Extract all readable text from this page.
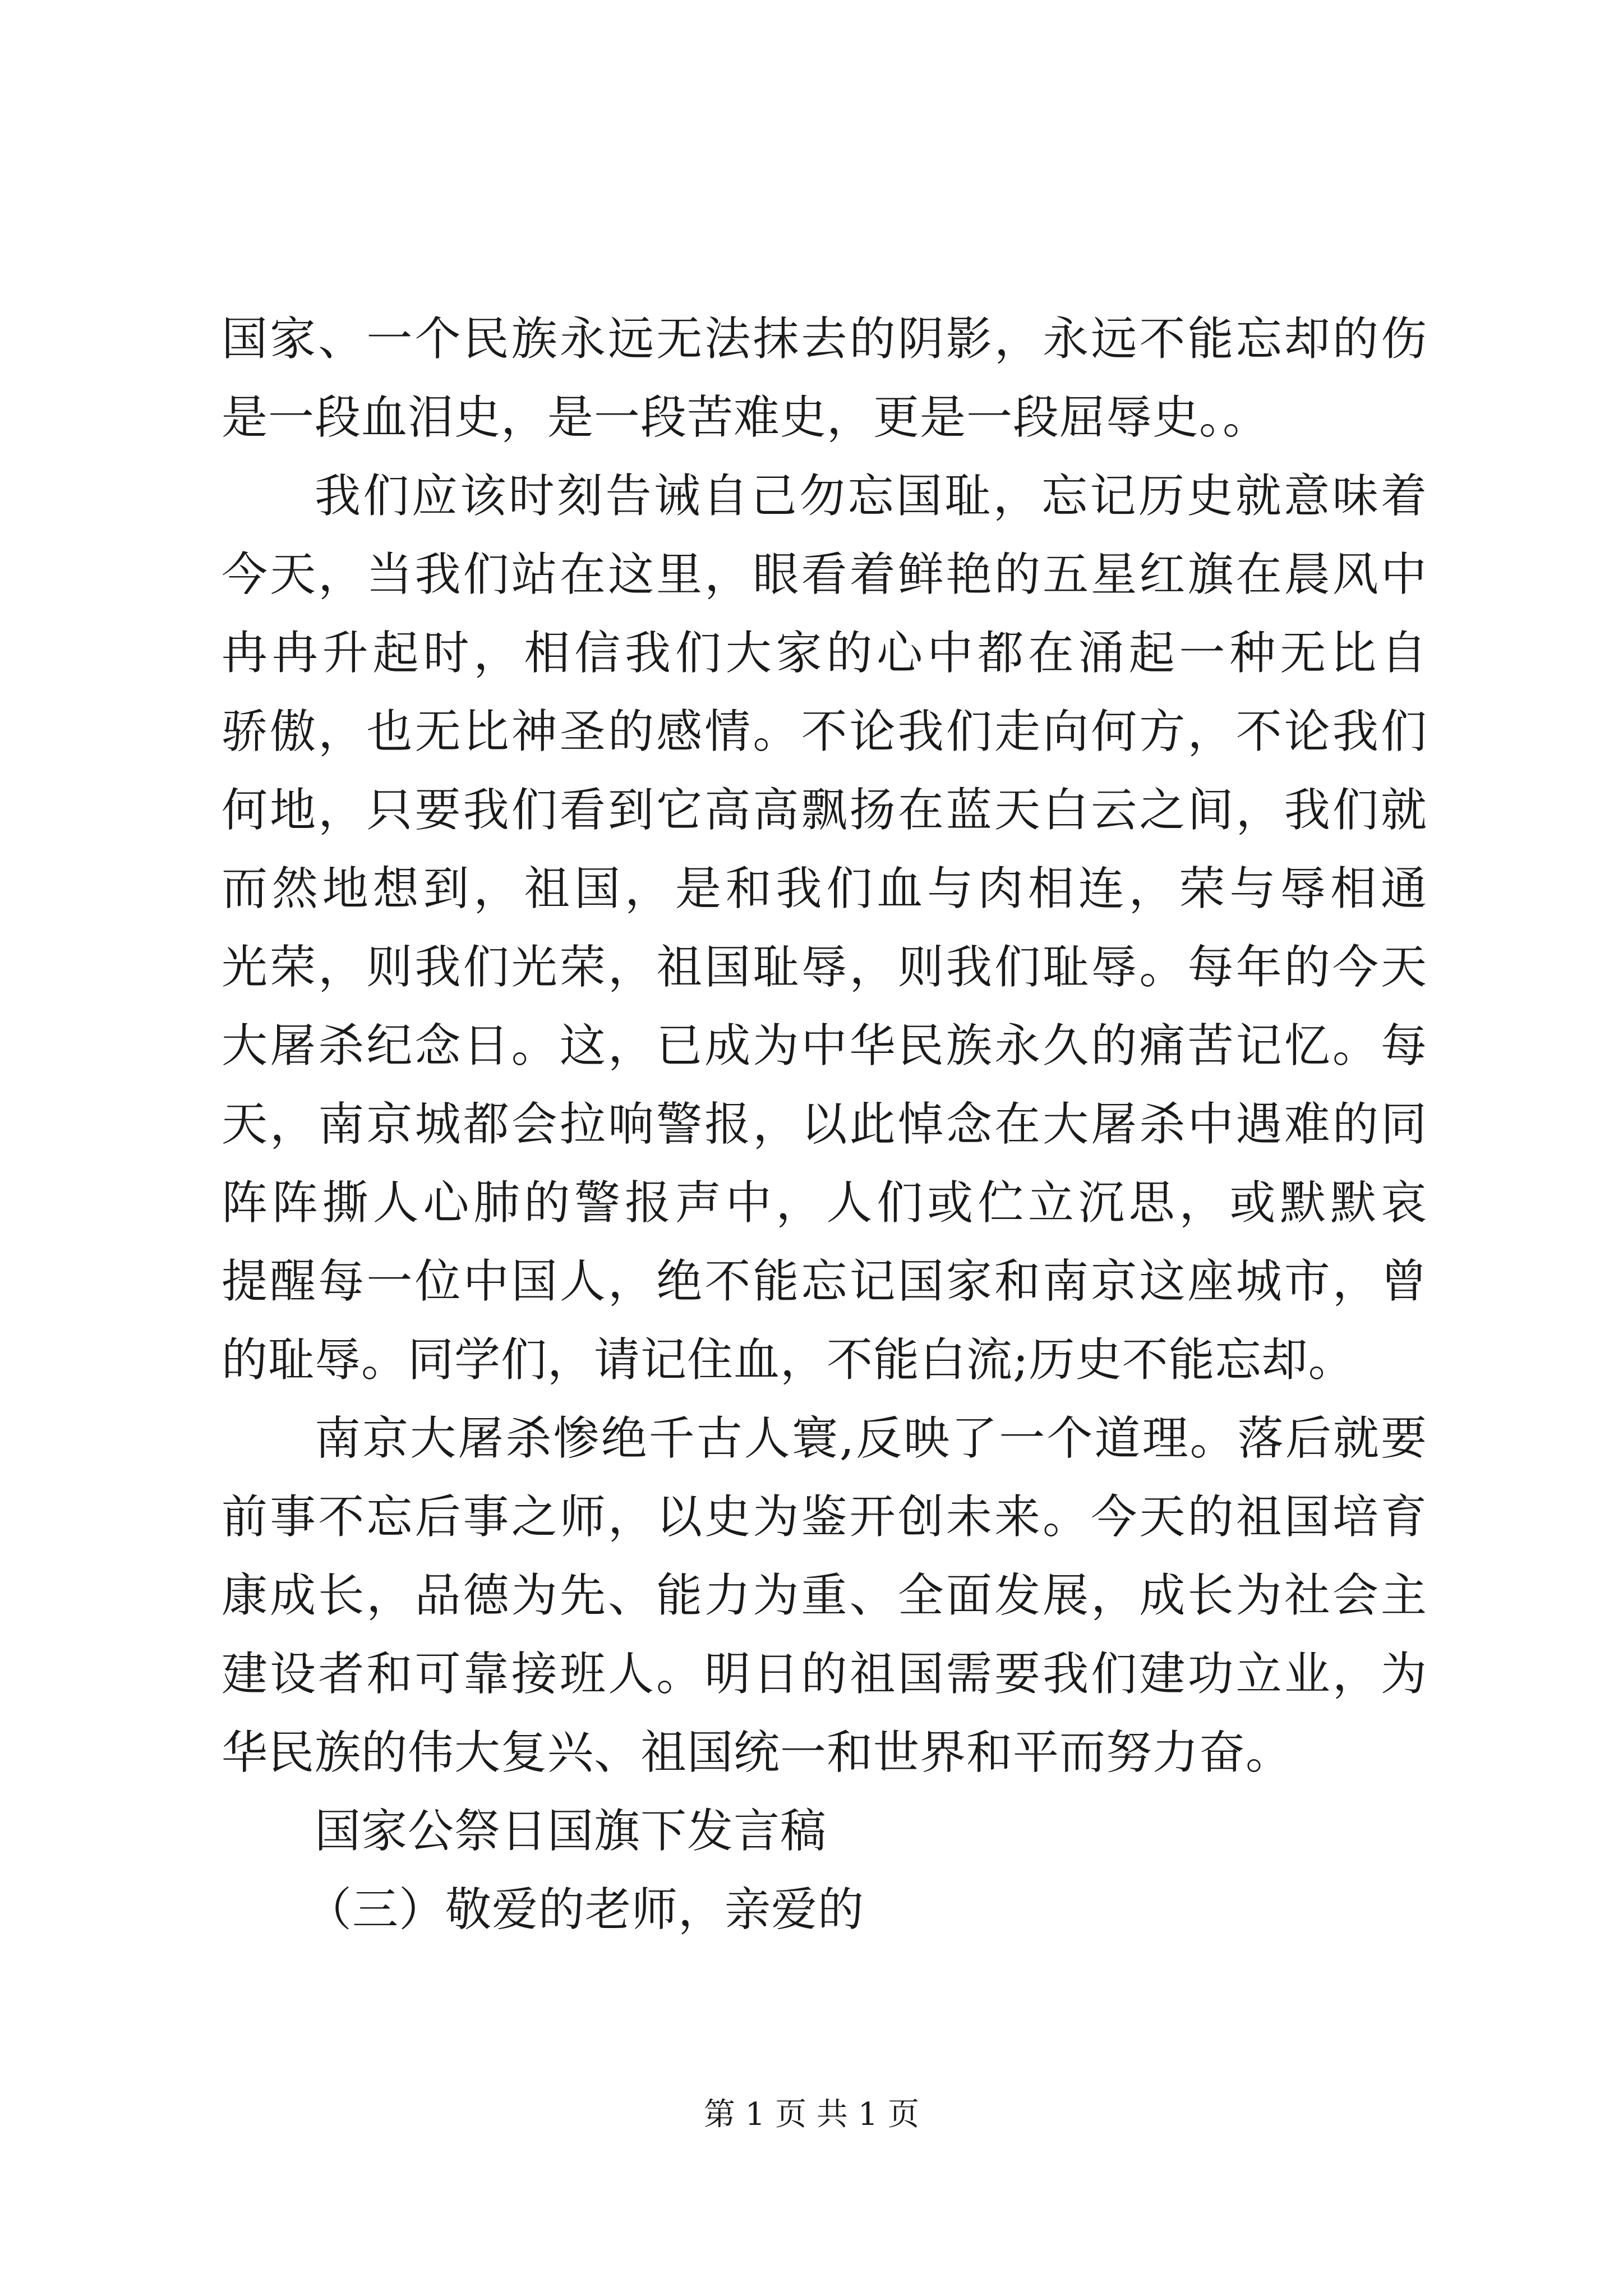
国家、一个民族永远无法抹去的阴影，永远不能忘却的伤
是一段血泪史，是一段苦难史，更是一段屈辱史。。
我们应该时刻告诫自己勿忘国耻，忘记历史就意味着
今天，当我们站在这里，眼看着鲜艳的五星红旗在晨风中
冉冉升起时，相信我们大家的心中都在涌起一种无比自
骄傲，也无比神圣的感情。不论我们走向何方，不论我们
何地，只要我们看到它高高飘扬在蓝天白云之间，我们就
而然地想到，祖国，是和我们血与肉相连，荣与辱相通
光荣，则我们光荣，祖国耻辱，则我们耻辱。每年的今天
大屠杀纪念日。这，已成为中华民族永久的痛苦记忆。每
天，南京城都会拉响警报，以此悼念在大屠杀中遇难的同
阵阵撕人心肺的警报声中，人们或伫立沉思，或默默哀
提醒每一位中国人，绝不能忘记国家和南京这座城市，曾
的耻辱。同学们，请记住血，不能白流;历史不能忘却。
南京大屠杀惨绝千古人寰,反映了一个道理。落后就要
前事不忘后事之师，以史为鉴开创未来。今天的祖国培育
康成长，品德为先、能力为重、全面发展，成长为社会主
建设者和可靠接班人。明日的祖国需要我们建功立业，为
华民族的伟大复兴、祖国统一和世界和平而努力奋。
国家公祭日国旗下发言稿
（三）敬爱的老师，亲爱的
第 1 页 共 1 页
